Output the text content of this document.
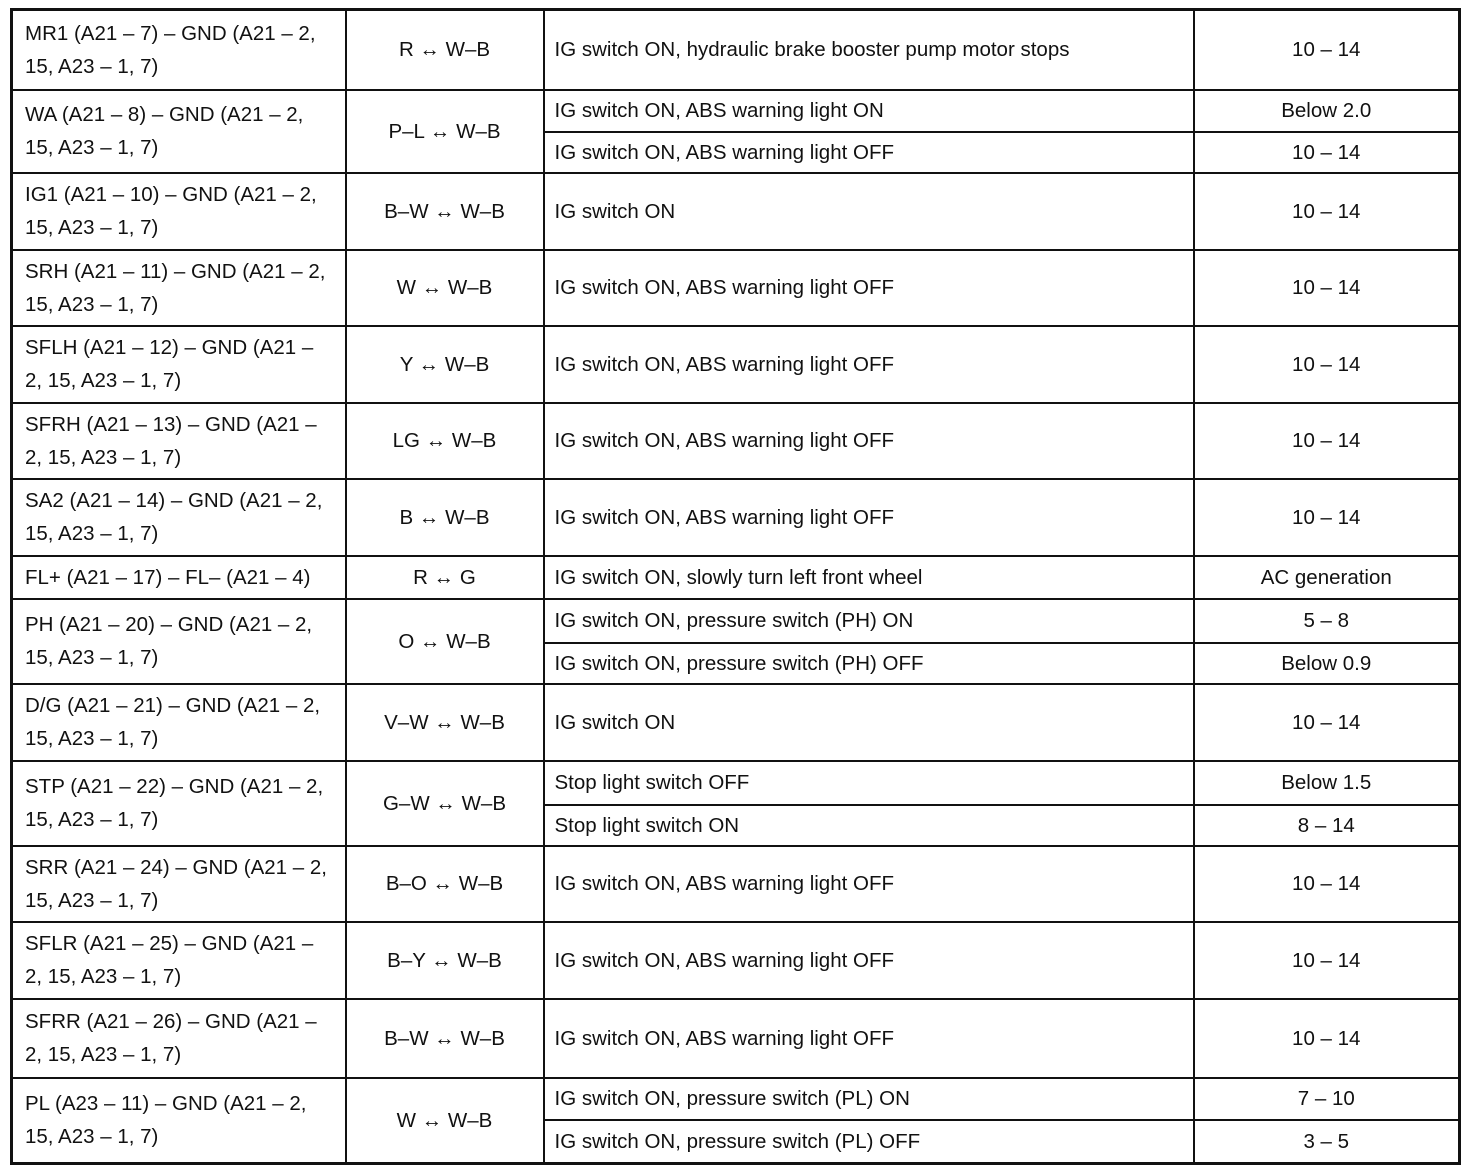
MR1 (A21 – 7) – GND (A21 – 2, 15, A23 – 1, 7)	R ↔ W–B	IG switch ON, hydraulic brake booster pump motor stops	10 – 14
WA (A21 – 8) – GND (A21 – 2, 15, A23 – 1, 7)	P–L ↔ W–B	IG switch ON, ABS warning light ON	Below 2.0
		IG switch ON, ABS warning light OFF	10 – 14
IG1 (A21 – 10) – GND (A21 – 2, 15, A23 – 1, 7)	B–W ↔ W–B	IG switch ON	10 – 14
SRH (A21 – 11) – GND (A21 – 2, 15, A23 – 1, 7)	W ↔ W–B	IG switch ON, ABS warning light OFF	10 – 14
SFLH (A21 – 12) – GND (A21 – 2, 15, A23 – 1, 7)	Y ↔ W–B	IG switch ON, ABS warning light OFF	10 – 14
SFRH (A21 – 13) – GND (A21 – 2, 15, A23 – 1, 7)	LG ↔ W–B	IG switch ON, ABS warning light OFF	10 – 14
SA2 (A21 – 14) – GND (A21 – 2, 15, A23 – 1, 7)	B ↔ W–B	IG switch ON, ABS warning light OFF	10 – 14
FL+ (A21 – 17) – FL– (A21 – 4)	R ↔ G	IG switch ON, slowly turn left front wheel	AC generation
PH (A21 – 20) – GND (A21 – 2, 15, A23 – 1, 7)	O ↔ W–B	IG switch ON, pressure switch (PH) ON	5 – 8
		IG switch ON, pressure switch (PH) OFF	Below 0.9
D/G (A21 – 21) – GND (A21 – 2, 15, A23 – 1, 7)	V–W ↔ W–B	IG switch ON	10 – 14
STP (A21 – 22) – GND (A21 – 2, 15, A23 – 1, 7)	G–W ↔ W–B	Stop light switch OFF	Below 1.5
		Stop light switch ON	8 – 14
SRR (A21 – 24) – GND (A21 – 2, 15, A23 – 1, 7)	B–O ↔ W–B	IG switch ON, ABS warning light OFF	10 – 14
SFLR (A21 – 25) – GND (A21 – 2, 15, A23 – 1, 7)	B–Y ↔ W–B	IG switch ON, ABS warning light OFF	10 – 14
SFRR (A21 – 26) – GND (A21 – 2, 15, A23 – 1, 7)	B–W ↔ W–B	IG switch ON, ABS warning light OFF	10 – 14
PL (A23 – 11) – GND (A21 – 2, 15, A23 – 1, 7)	W ↔ W–B	IG switch ON, pressure switch (PL) ON	7 – 10
		IG switch ON, pressure switch (PL) OFF	3 – 5
